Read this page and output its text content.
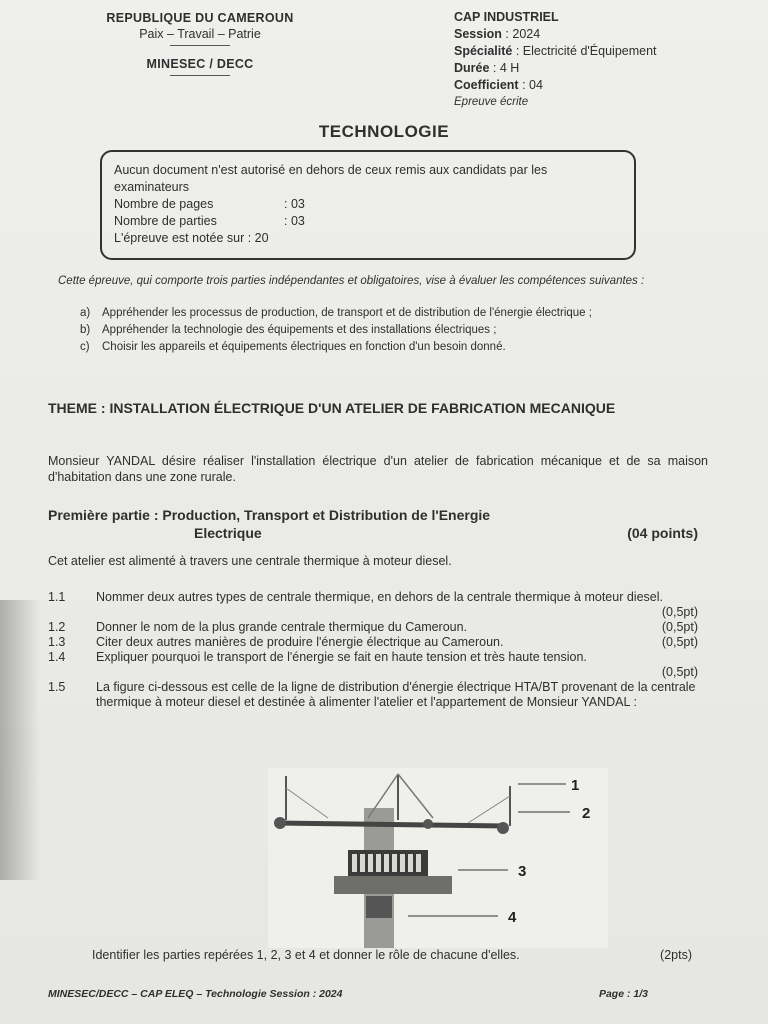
REPUBLIQUE DU CAMEROUN
Paix – Travail – Patrie
MINESEC / DECC
CAP INDUSTRIEL
Session : 2024
Spécialité : Electricité d'Équipement
Durée : 4 H
Coefficient : 04
Epreuve écrite
TECHNOLOGIE
Aucun document n'est autorisé en dehors de ceux remis aux candidats par les examinateurs
Nombre de pages	: 03
Nombre de parties	: 03
L'épreuve est notée sur
: 20
Cette épreuve, qui comporte trois parties indépendantes et obligatoires, vise à évaluer les compétences suivantes :
a)	Appréhender les processus de production, de transport et de distribution de l'énergie électrique ;
b)	Appréhender la technologie des équipements et des installations électriques ;
c)	Choisir les appareils et équipements électriques en fonction d'un besoin donné.
THEME : INSTALLATION ÉLECTRIQUE D'UN ATELIER DE FABRICATION MECANIQUE
Monsieur YANDAL désire réaliser l'installation électrique d'un atelier de fabrication mécanique et de sa maison d'habitation dans une zone rurale.
Première partie : Production, Transport et Distribution de l'Energie
Electrique	(04 points)
Cet atelier est alimenté à travers une centrale thermique à moteur diesel.
1.1	Nommer deux autres types de centrale thermique, en dehors de la centrale thermique à moteur diesel.
(0,5pt)
1.2	Donner le nom de la plus grande centrale thermique du Cameroun.	(0,5pt)
1.3	Citer deux autres manières de produire l'énergie électrique au Cameroun.	(0,5pt)
1.4	Expliquer pourquoi le transport de l'énergie se fait en haute tension et très haute tension.
(0,5pt)
1.5	La figure ci-dessous est celle de la ligne de distribution d'énergie électrique HTA/BT provenant de la centrale thermique à moteur diesel et destinée à alimenter l'atelier et l'appartement de Monsieur YANDAL :
1
2
3
4
Identifier les parties repérées 1, 2, 3 et 4 et donner le rôle de chacune d'elles.	(2pts)
MINESEC/DECC – CAP ELEQ – Technologie Session : 2024	Page : 1/3
